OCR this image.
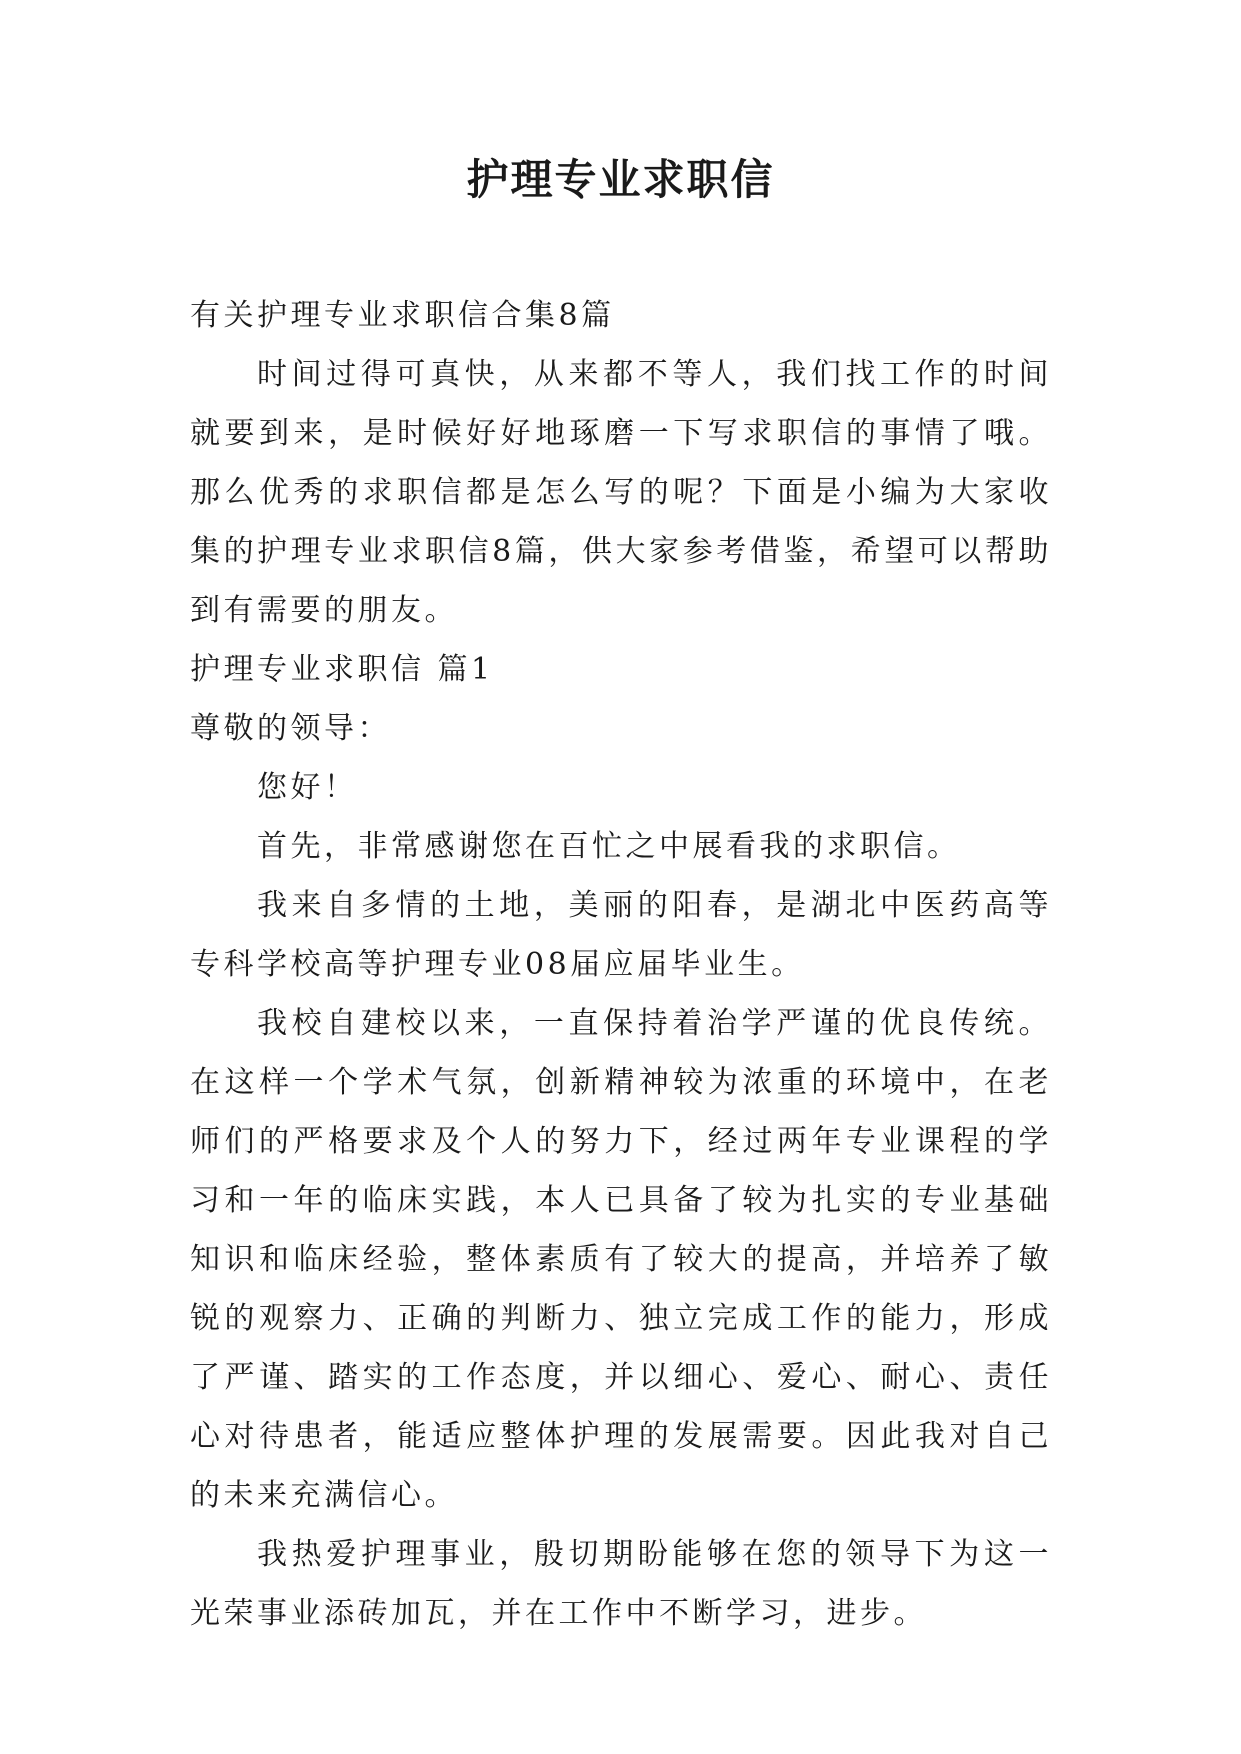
护理专业求职信

有关护理专业求职信合集8篇

时间过得可真快，从来都不等人，我们找工作的时间就要到来，是时候好好地琢磨一下写求职信的事情了哦。那么优秀的求职信都是怎么写的呢？下面是小编为大家收集的护理专业求职信8篇，供大家参考借鉴，希望可以帮助到有需要的朋友。

护理专业求职信 篇1

尊敬的领导：

您好！

首先，非常感谢您在百忙之中展看我的求职信。

我来自多情的土地，美丽的阳春，是湖北中医药高等专科学校高等护理专业08届应届毕业生。

我校自建校以来，一直保持着治学严谨的优良传统。在这样一个学术气氛，创新精神较为浓重的环境中，在老师们的严格要求及个人的努力下，经过两年专业课程的学习和一年的临床实践，本人已具备了较为扎实的专业基础知识和临床经验，整体素质有了较大的提高，并培养了敏锐的观察力、正确的判断力、独立完成工作的能力，形成了严谨、踏实的工作态度，并以细心、爱心、耐心、责任心对待患者，能适应整体护理的发展需要。因此我对自己的未来充满信心。

我热爱护理事业，殷切期盼能够在您的领导下为这一光荣事业添砖加瓦，并在工作中不断学习，进步。
